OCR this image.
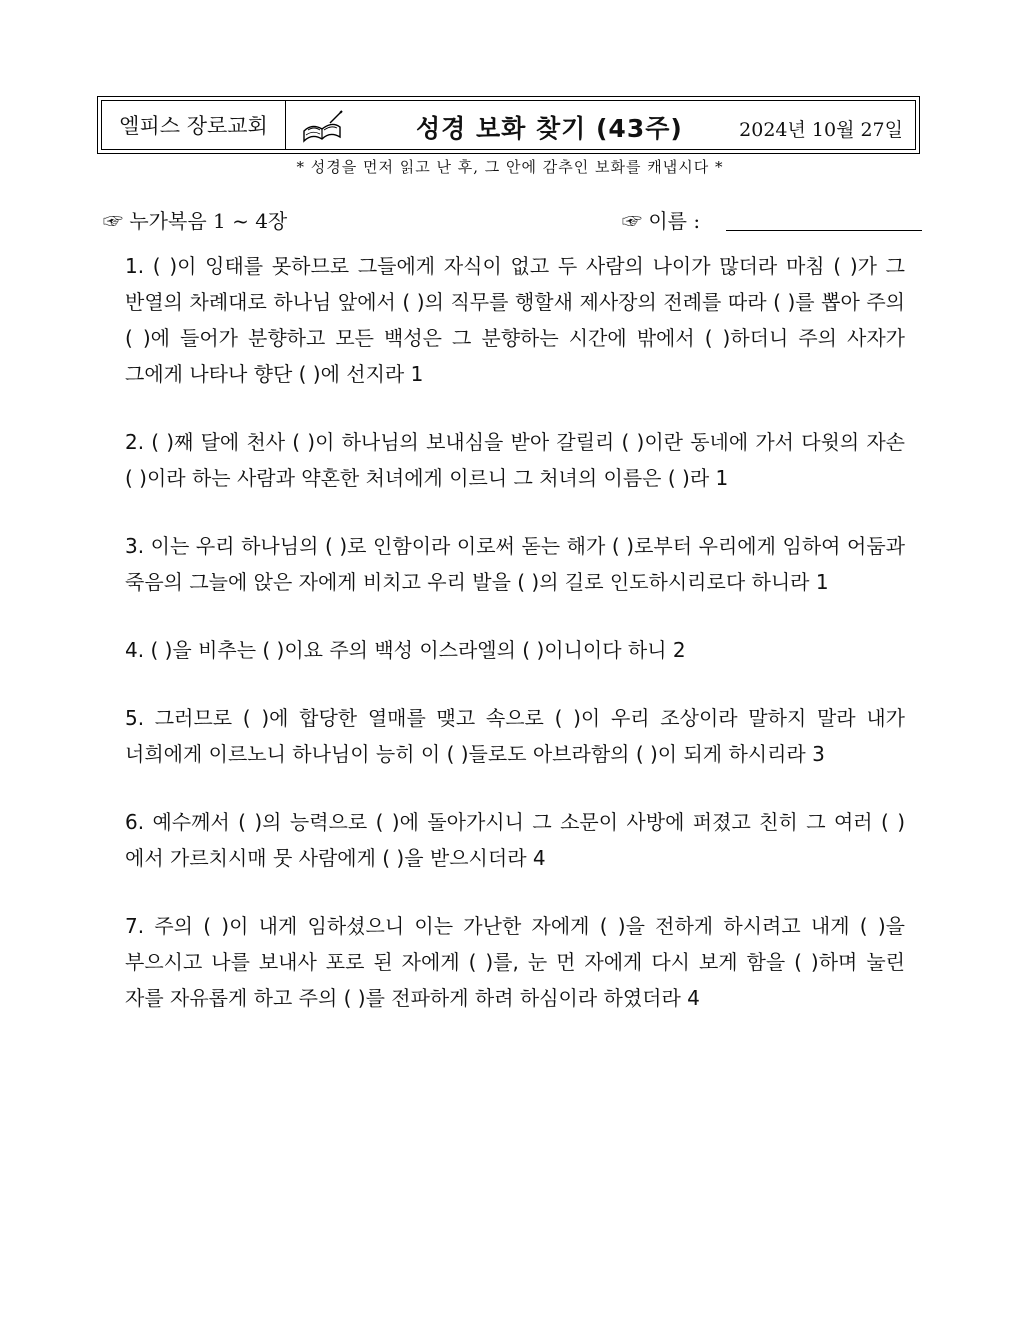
엘피스 장로교회	성경 보화 찾기 (43주)	2024년 10월 27일
* 성경을 먼저 읽고 난 후, 그 안에 감추인 보화를 캐냅시다 *
☞ 누가복음 1 ~ 4장	☞ 이름 :
1. ( )이 잉태를 못하므로 그들에게 자식이 없고 두 사람의 나이가 많더라 마침 ( )가 그 반열의 차례대로 하나님 앞에서 ( )의 직무를 행할새 제사장의 전례를 따라 ( )를 뽑아 주의 ( )에 들어가 분향하고 모든 백성은 그 분향하는 시간에 밖에서 ( )하더니 주의 사자가 그에게 나타나 향단 ( )에 선지라 1
2. ( )째 달에 천사 ( )이 하나님의 보내심을 받아 갈릴리 ( )이란 동네에 가서 다윗의 자손 ( )이라 하는 사람과 약혼한 처녀에게 이르니 그 처녀의 이름은 ( )라 1
3. 이는 우리 하나님의 ( )로 인함이라 이로써 돋는 해가 ( )로부터 우리에게 임하여 어둠과 죽음의 그늘에 앉은 자에게 비치고 우리 발을 ( )의 길로 인도하시리로다 하니라 1
4. ( )을 비추는 ( )이요 주의 백성 이스라엘의 ( )이니이다 하니 2
5. 그러므로 ( )에 합당한 열매를 맺고 속으로 ( )이 우리 조상이라 말하지 말라 내가 너희에게 이르노니 하나님이 능히 이 ( )들로도 아브라함의 ( )이 되게 하시리라 3
6. 예수께서 ( )의 능력으로 ( )에 돌아가시니 그 소문이 사방에 퍼졌고 친히 그 여러 ( )에서 가르치시매 뭇 사람에게 ( )을 받으시더라 4
7. 주의 ( )이 내게 임하셨으니 이는 가난한 자에게 ( )을 전하게 하시려고 내게 ( )을 부으시고 나를 보내사 포로 된 자에게 ( )를, 눈 먼 자에게 다시 보게 함을 ( )하며 눌린 자를 자유롭게 하고 주의 ( )를 전파하게 하려 하심이라 하였더라 4
